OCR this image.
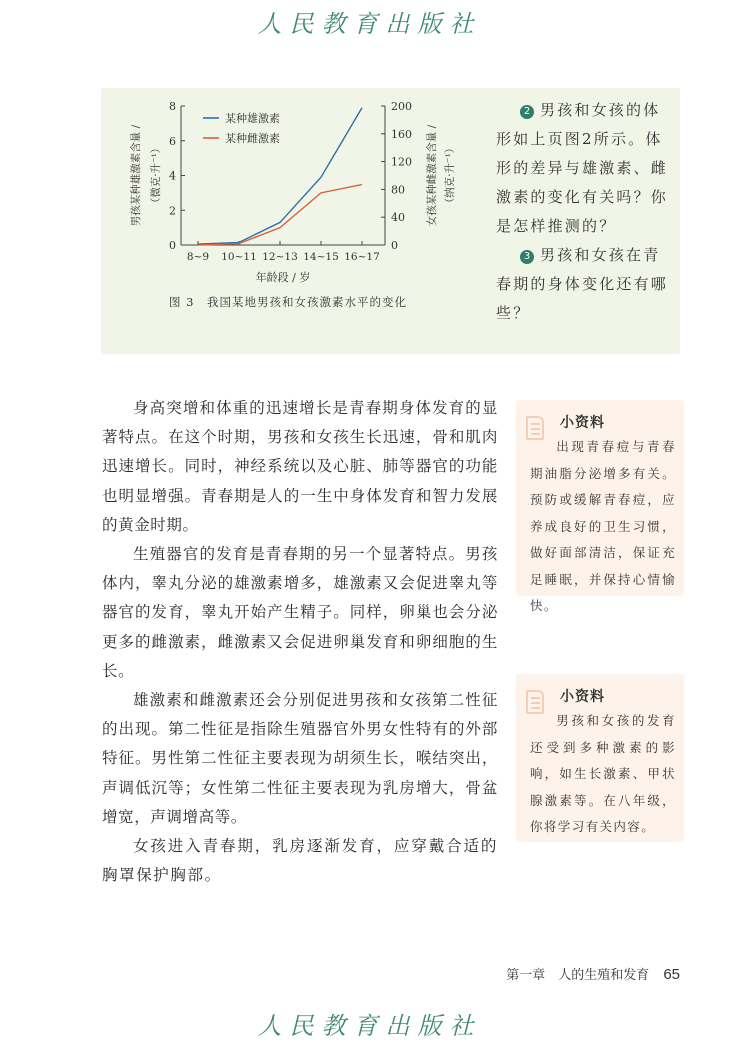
人民教育出版社
0
2
4
6
8
0
40
80
120
160
200
8~9 10~11 12~13 14~15 16~17
年龄段 / 岁
男孩某种雄激素含量 / （微克·升⁻¹）	女孩某种雌激素含量 / （纳克·升⁻¹）
某种雄激素
某种雌激素
图 3　我国某地男孩和女孩激素水平的变化

2 男孩和女孩的体形如上页图2所示。体形的差异与雄激素、雌激素的变化有关吗？你是怎样推测的？

3 男孩和女孩在青春期的身体变化还有哪些？

身高突增和体重的迅速增长是青春期身体发育的显著特点。在这个时期，男孩和女孩生长迅速，骨和肌肉迅速增长。同时，神经系统以及心脏、肺等器官的功能也明显增强。青春期是人的一生中身体发育和智力发展的黄金时期。

生殖器官的发育是青春期的另一个显著特点。男孩体内，睾丸分泌的雄激素增多，雄激素又会促进睾丸等器官的发育，睾丸开始产生精子。同样，卵巢也会分泌更多的雌激素，雌激素又会促进卵巢发育和卵细胞的生长。

雄激素和雌激素还会分别促进男孩和女孩第二性征的出现。第二性征是指除生殖器官外男女性特有的外部特征。男性第二性征主要表现为胡须生长，喉结突出，声调低沉等；女性第二性征主要表现为乳房增大，骨盆增宽，声调增高等。

女孩进入青春期，乳房逐渐发育，应穿戴合适的胸罩保护胸部。

小资料
出现青春痘与青春期油脂分泌增多有关。预防或缓解青春痘，应养成良好的卫生习惯，做好面部清洁，保证充足睡眠，并保持心情愉快。
小资料
男孩和女孩的发育还受到多种激素的影响，如生长激素、甲状腺激素等。在八年级，你将学习有关内容。
第一章　人的生殖和发育 65
人民教育出版社
